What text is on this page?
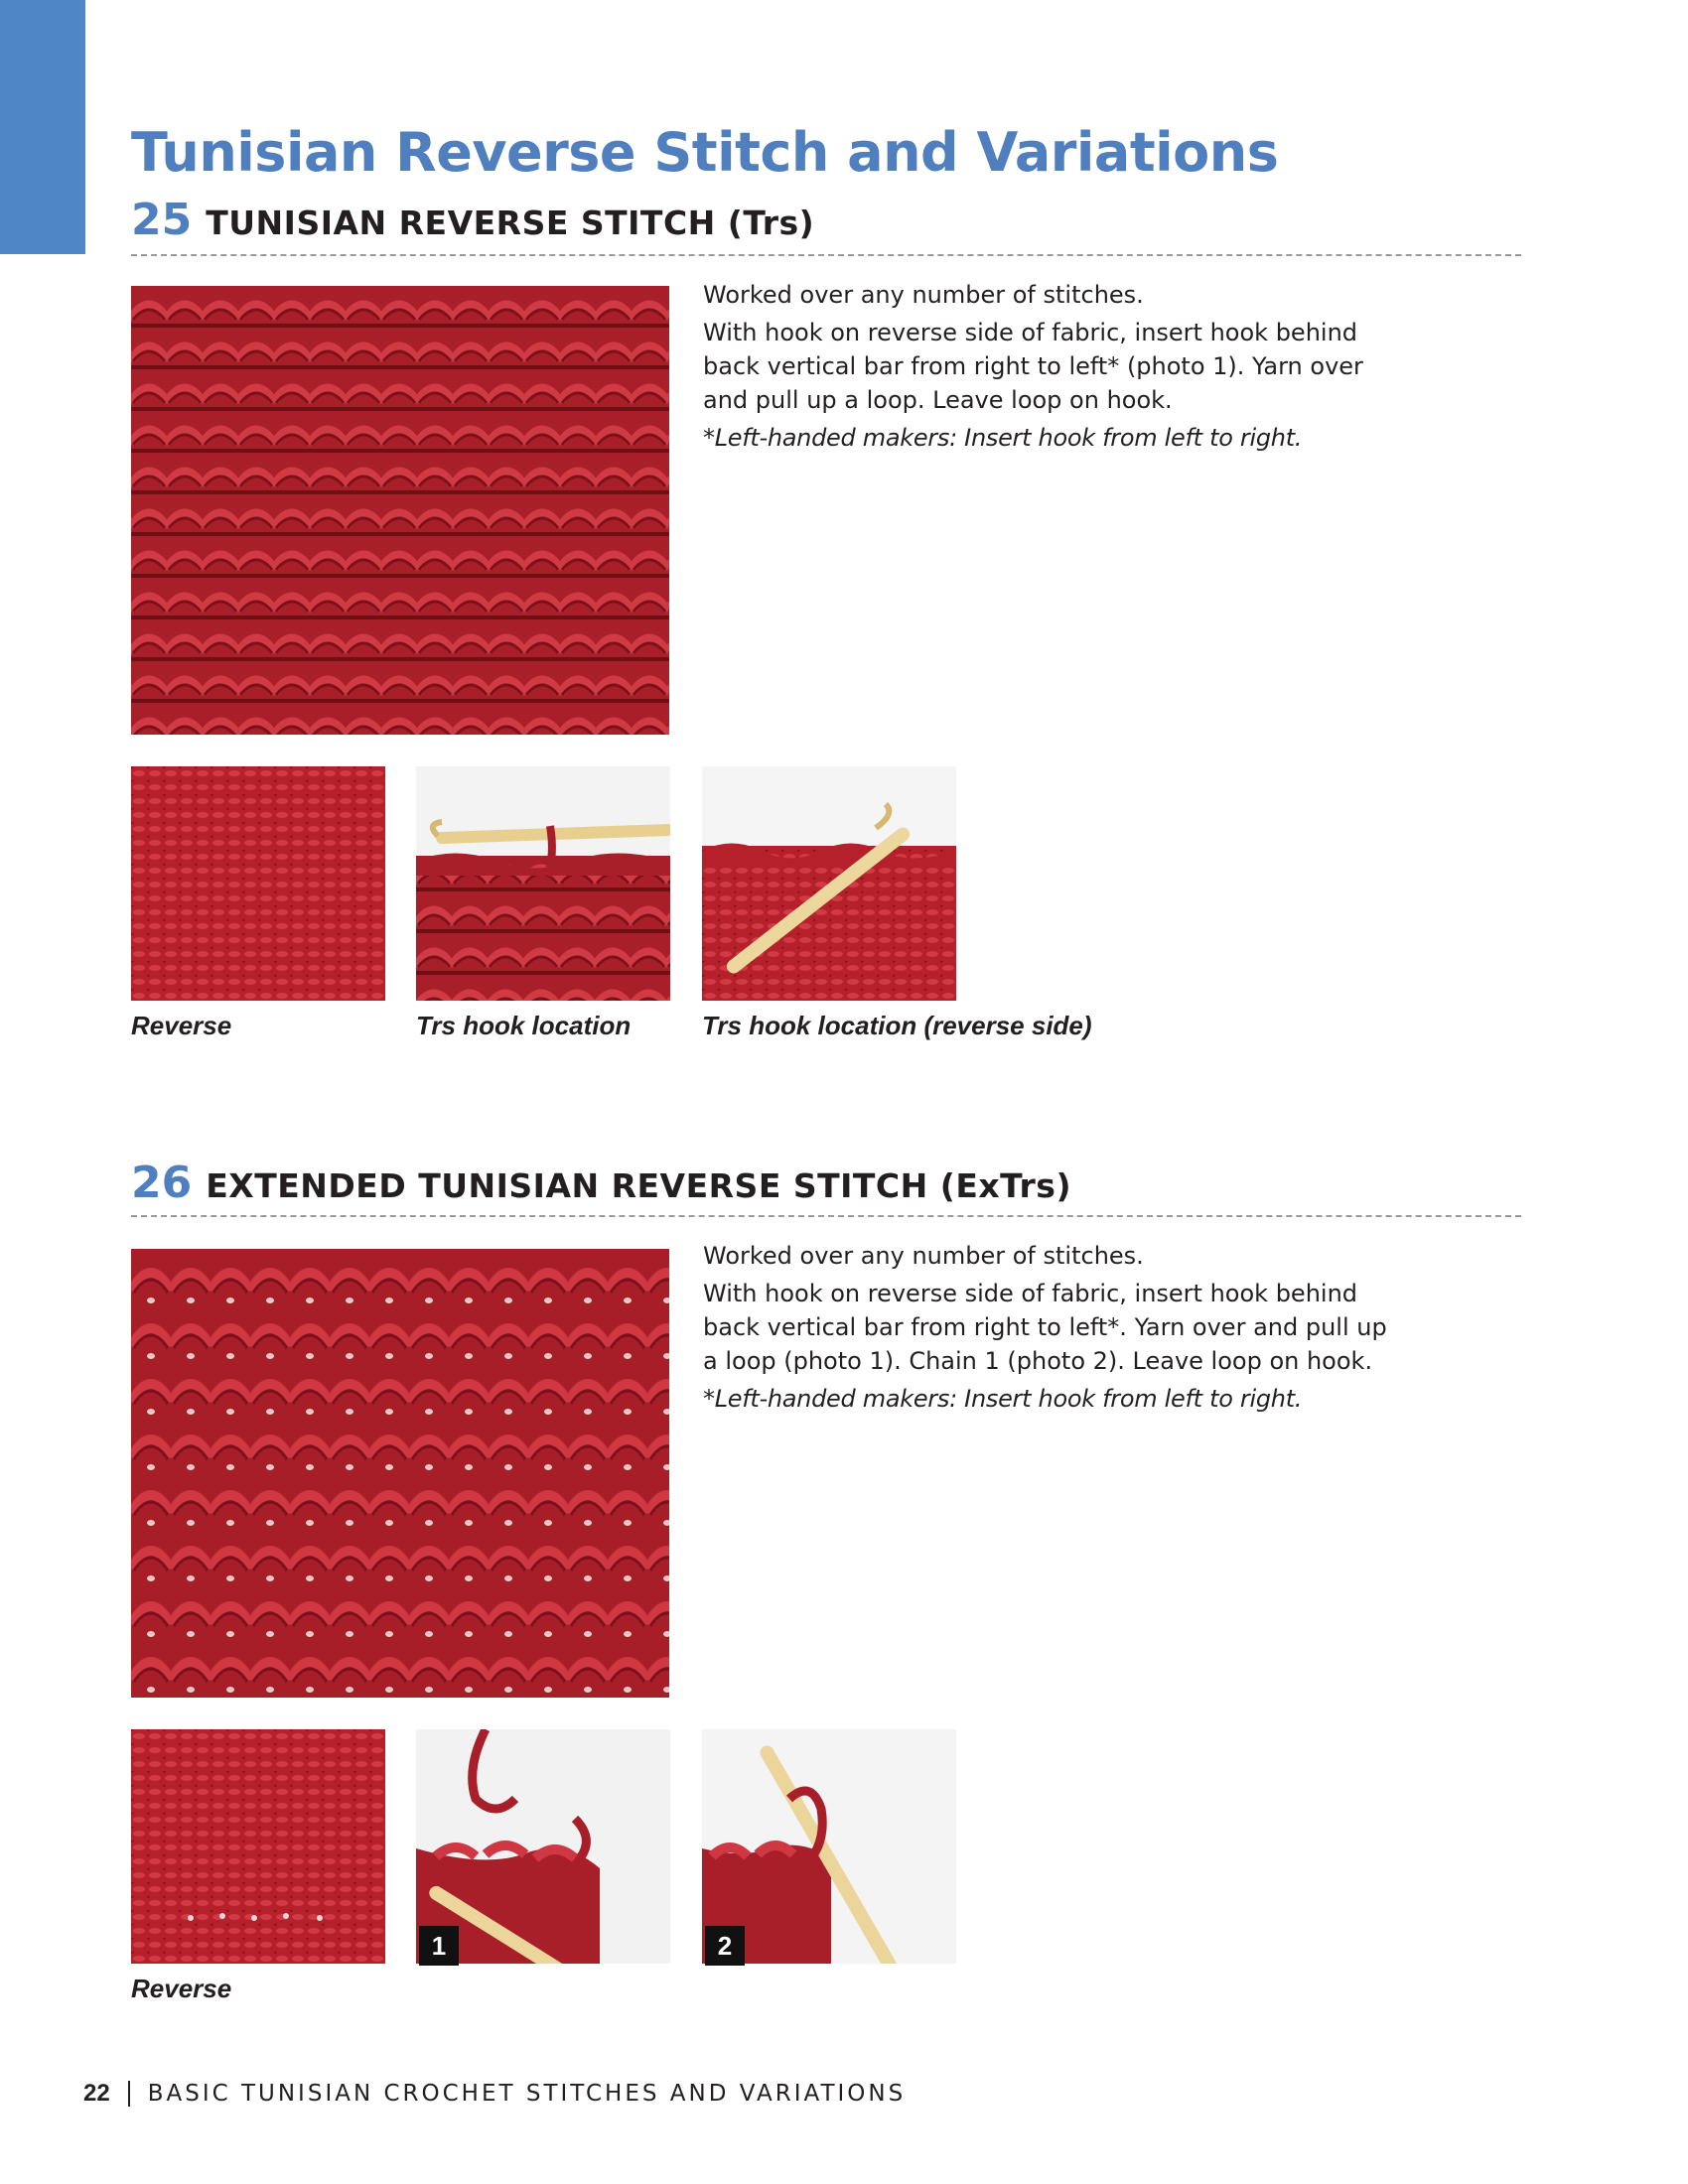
Tunisian Reverse Stitch and Variations
25 TUNISIAN REVERSE STITCH (Trs)

Worked over any number of stitches.

With hook on reverse side of fabric, insert hook behind back vertical bar from right to left* (photo 1). Yarn over and pull up a loop. Leave loop on hook.

*Left-handed makers: Insert hook from left to right.

Reverse	Trs hook location	Trs hook location (reverse side)
26 EXTENDED TUNISIAN REVERSE STITCH (ExTrs)

Worked over any number of stitches.

With hook on reverse side of fabric, insert hook behind back vertical bar from right to left*. Yarn over and pull up a loop (photo 1). Chain 1 (photo 2). Leave loop on hook.

*Left-handed makers: Insert hook from left to right.

1	2
Reverse
22 BASIC TUNISIAN CROCHET STITCHES AND VARIATIONS
